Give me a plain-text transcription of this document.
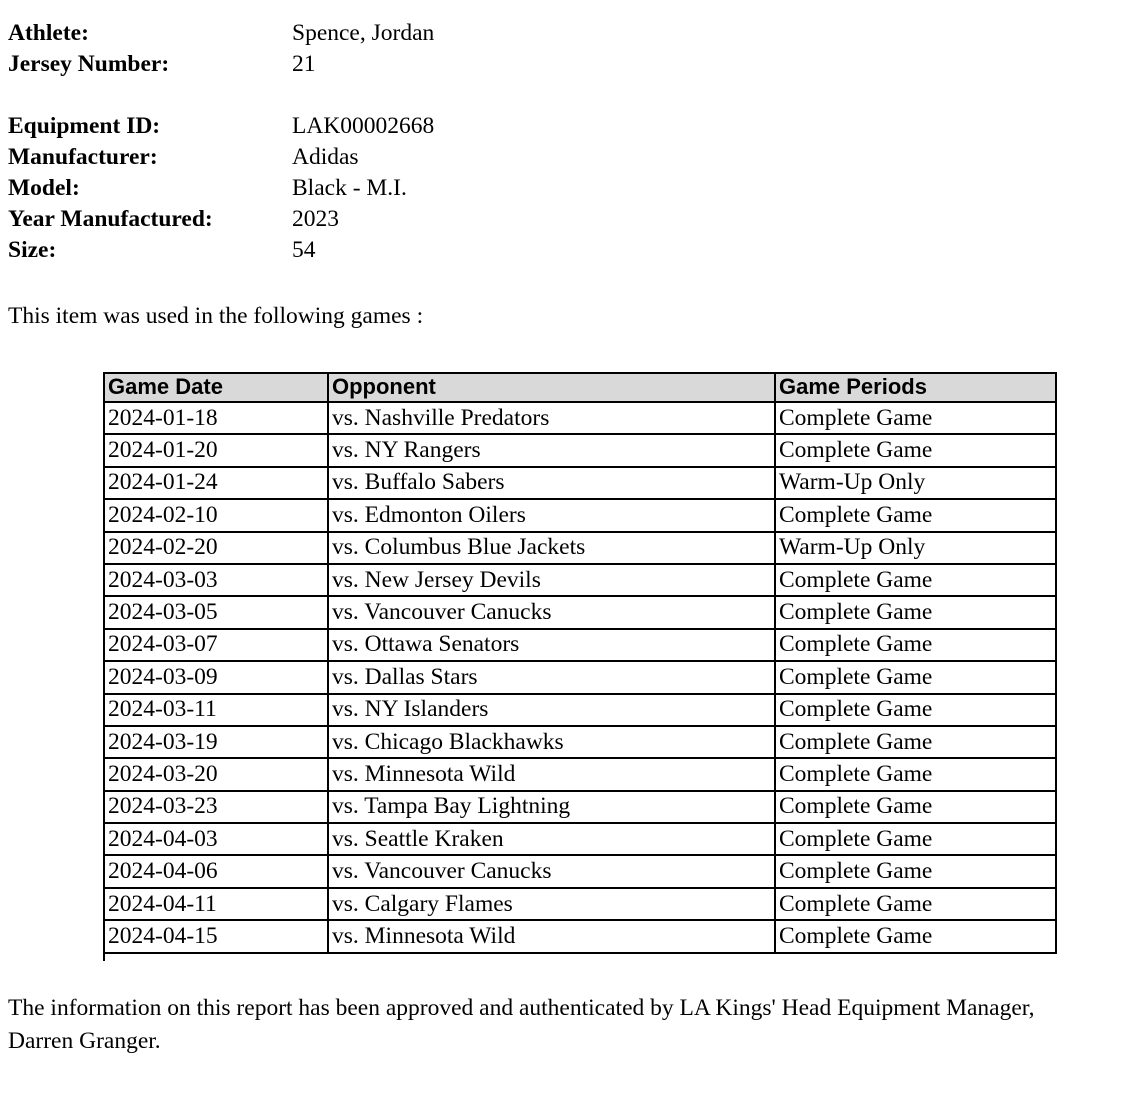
Athlete:	Spence, Jordan
Jersey Number:	21
Equipment ID:	LAK00002668
Manufacturer:	Adidas
Model:	Black - M.I.
Year Manufactured:	2023
Size:	54

This item was used in the following games :

Game Date	Opponent	Game Periods
2024-01-18	vs. Nashville Predators	Complete Game
2024-01-20	vs. NY Rangers	Complete Game
2024-01-24	vs. Buffalo Sabers	Warm-Up Only
2024-02-10	vs. Edmonton Oilers	Complete Game
2024-02-20	vs. Columbus Blue Jackets	Warm-Up Only
2024-03-03	vs. New Jersey Devils	Complete Game
2024-03-05	vs. Vancouver Canucks	Complete Game
2024-03-07	vs. Ottawa Senators	Complete Game
2024-03-09	vs. Dallas Stars	Complete Game
2024-03-11	vs. NY Islanders	Complete Game
2024-03-19	vs. Chicago Blackhawks	Complete Game
2024-03-20	vs. Minnesota Wild	Complete Game
2024-03-23	vs. Tampa Bay Lightning	Complete Game
2024-04-03	vs. Seattle Kraken	Complete Game
2024-04-06	vs. Vancouver Canucks	Complete Game
2024-04-11	vs. Calgary Flames	Complete Game
2024-04-15	vs. Minnesota Wild	Complete Game

The information on this report has been approved and authenticated by LA Kings' Head Equipment Manager, Darren Granger.
